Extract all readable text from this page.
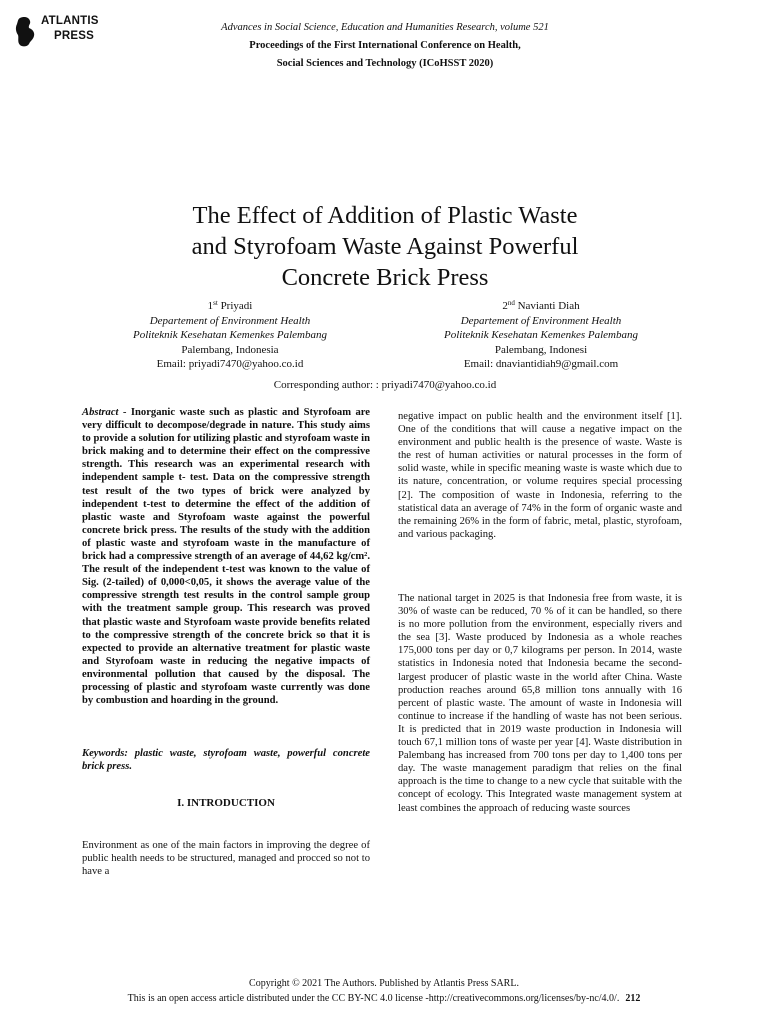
ATLANTIS
PRESS
Advances in Social Science, Education and Humanities Research, volume 521
Proceedings of the First International Conference on Health,
Social Sciences and Technology (ICoHSST 2020)
The Effect of Addition of Plastic Waste
and Styrofoam Waste Against Powerful
Concrete Brick Press
1st Priyadi
Departement of Environment Health
Politeknik Kesehatan Kemenkes Palembang
Palembang, Indonesia
Email: priyadi7470@yahoo.co.id
2nd Navianti Diah
Departement of Environment Health
Politeknik Kesehatan Kemenkes Palembang
Palembang, Indonesi
Email: dnaviantidiah9@gmail.com
Corresponding author: : priyadi7470@yahoo.co.id

Abstract - Inorganic waste such as plastic and Styrofoam are very difficult to decompose/degrade in nature. This study aims to provide a solution for utilizing plastic and styrofoam waste in brick making and to determine their effect on the compressive strength. This research was an experimental research with independent sample t- test. Data on the compressive strength test result of the two types of brick were analyzed by independent t-test to determine the effect of the addition of plastic waste and Styrofoam waste against the powerful concrete brick press. The results of the study with the addition of plastic waste and styrofoam waste in the manufacture of brick had a compressive strength of an average of 44,62 kg/cm². The result of the independent t-test was known to the value of Sig. (2-tailed) of 0,000<0,05, it shows the average value of the compressive strength test results in the control sample group with the treatment sample group. This research was proved that plastic waste and Styrofoam waste provide benefits related to the compressive strength of the concrete brick so that it is expected to provide an alternative treatment for plastic waste and Styrofoam waste in reducing the negative impacts of environmental pollution that caused by the disposal. The processing of plastic and styrofoam waste currently was done by combustion and hoarding in the ground.

Keywords: plastic waste, styrofoam waste, powerful concrete brick press.

I. INTRODUCTION

Environment as one of the main factors in improving the degree of public health needs to be structured, managed and procced so not to have a

negative impact on public health and the environment itself [1]. One of the conditions that will cause a negative impact on the environment and public health is the presence of waste. Waste is the rest of human activities or natural processes in the form of solid waste, while in specific meaning waste is waste which due to its nature, concentration, or volume requires special processing [2]. The composition of waste in Indonesia, referring to the statistical data an average of 74% in the form of organic waste and the remaining 26% in the form of fabric, metal, plastic, styrofoam, and various packaging.

The national target in 2025 is that Indonesia free from waste, it is 30% of waste can be reduced, 70 % of it can be handled, so there is no more pollution from the environment, especially rivers and the sea [3]. Waste produced by Indonesia as a whole reaches 175,000 tons per day or 0,7 kilograms per person. In 2014, waste statistics in Indonesia noted that Indonesia became the second-largest producer of plastic waste in the world after China. Waste production reaches around 65,8 million tons annually with 16 percent of plastic waste. The amount of waste in Indonesia will continue to increase if the handling of waste has not been serious. It is predicted that in 2019 waste production in Indonesia will touch 67,1 million tons of waste per year [4]. Waste distribution in Palembang has increased from 700 tons per day to 1,400 tons per day. The waste management paradigm that relies on the final approach is the time to change to a new cycle that suitable with the concept of ecology. This Integrated waste management system at least combines the approach of reducing waste sources

Copyright © 2021 The Authors. Published by Atlantis Press SARL.
This is an open access article distributed under the CC BY-NC 4.0 license -http://creativecommons.org/licenses/by-nc/4.0/. 212
